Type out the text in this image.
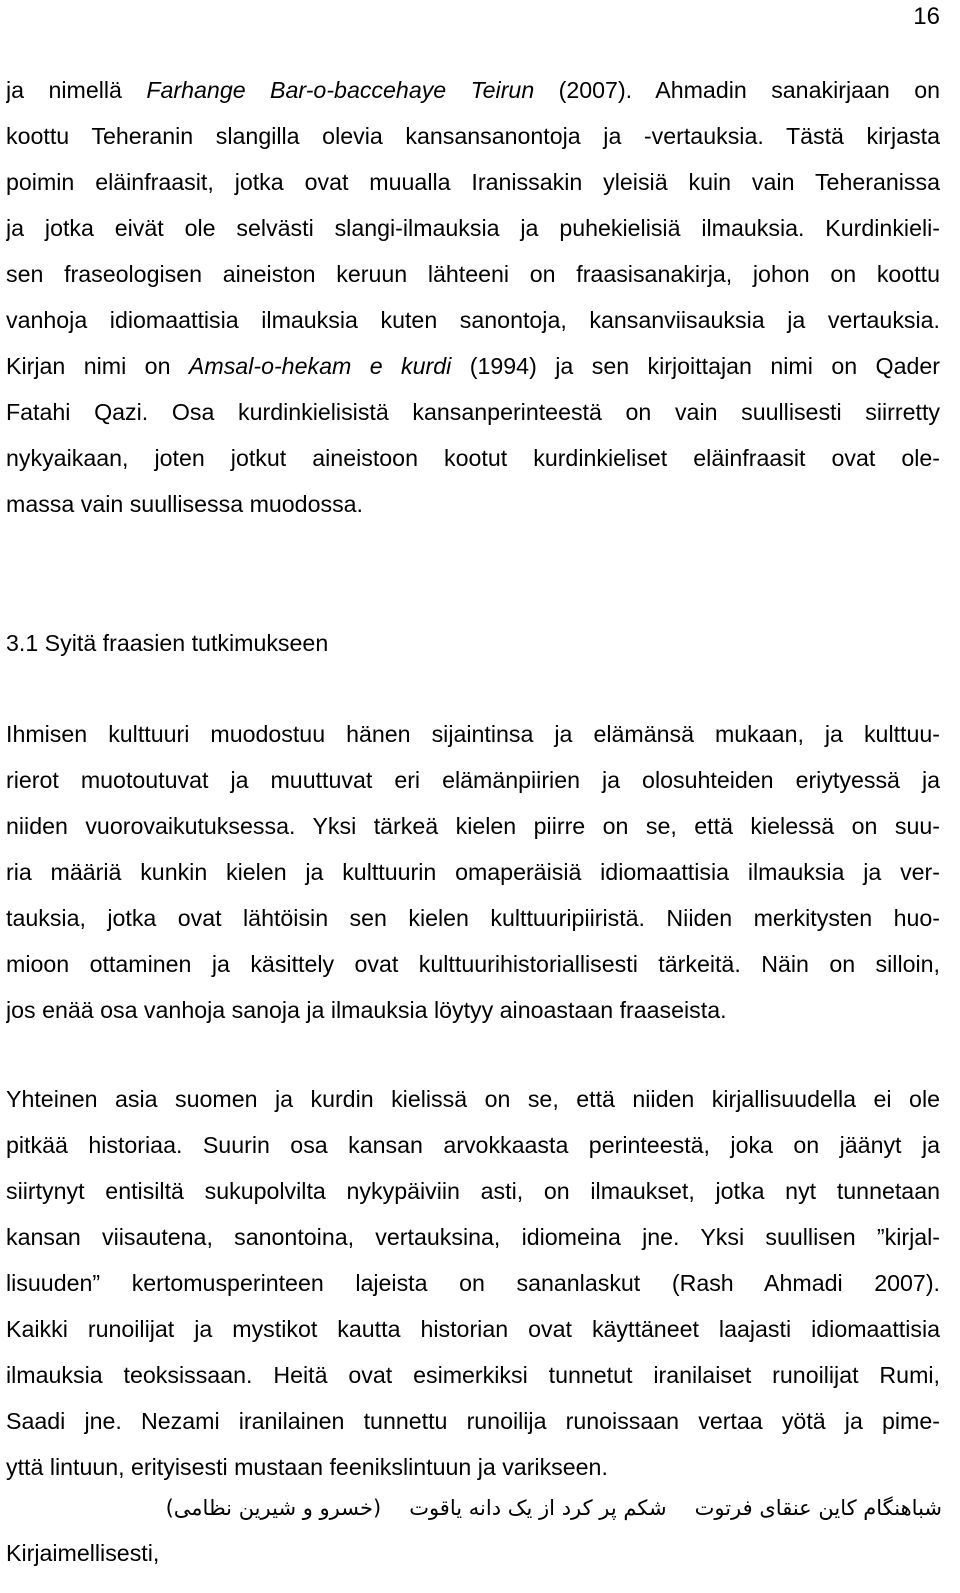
16
ja nimellä Farhange Bar-o-baccehaye Teirun (2007). Ahmadin sanakirjaan on
koottu Teheranin slangilla olevia kansansanontoja ja -vertauksia. Tästä kirjasta
poimin eläinfraasit, jotka ovat muualla Iranissakin yleisiä kuin vain Teheranissa
ja jotka eivät ole selvästi slangi-ilmauksia ja puhekielisiä ilmauksia. Kurdinkieli-
sen fraseologisen aineiston keruun lähteeni on fraasisanakirja, johon on koottu
vanhoja idiomaattisia ilmauksia kuten sanontoja, kansanviisauksia ja vertauksia.
Kirjan nimi on Amsal-o-hekam e kurdi (1994) ja sen kirjoittajan nimi on Qader
Fatahi Qazi. Osa kurdinkielisistä kansanperinteestä on vain suullisesti siirretty
nykyaikaan, joten jotkut aineistoon kootut kurdinkieliset eläinfraasit ovat ole-
massa vain suullisessa muodossa.
3.1 Syitä fraasien tutkimukseen
Ihmisen kulttuuri muodostuu hänen sijaintinsa ja elämänsä mukaan, ja kulttuu-
rierot muotoutuvat ja muuttuvat eri elämänpiirien ja olosuhteiden eriytyessä ja
niiden vuorovaikutuksessa. Yksi tärkeä kielen piirre on se, että kielessä on suu-
ria määriä kunkin kielen ja kulttuurin omaperäisiä idiomaattisia ilmauksia ja ver-
tauksia, jotka ovat lähtöisin sen kielen kulttuuripiiristä. Niiden merkitysten huo-
mioon ottaminen ja käsittely ovat kulttuurihistoriallisesti tärkeitä. Näin on silloin,
jos enää osa vanhoja sanoja ja ilmauksia löytyy ainoastaan fraaseista.
Yhteinen asia suomen ja kurdin kielissä on se, että niiden kirjallisuudella ei ole
pitkää historiaa. Suurin osa kansan arvokkaasta perinteestä, joka on jäänyt ja
siirtynyt entisiltä sukupolvilta nykypäiviin asti, on ilmaukset, jotka nyt tunnetaan
kansan viisautena, sanontoina, vertauksina, idiomeina jne. Yksi suullisen ”kirjal-
lisuuden” kertomusperinteen lajeista on sananlaskut (Rash Ahmadi 2007).
Kaikki runoilijat ja mystikot kautta historian ovat käyttäneet laajasti idiomaattisia
ilmauksia teoksissaan. Heitä ovat esimerkiksi tunnetut iranilaiset runoilijat Rumi,
Saadi jne. Nezami iranilainen tunnettu runoilija runoissaan vertaa yötä ja pime-
yttä lintuun, erityisesti mustaan feenikslintuun ja varikseen.
شباهنگام کاین عنقای فرتوتشکم پر کرد از یک دانه یاقوت(خسرو و شیرین نظامی)
Kirjaimellisesti,
